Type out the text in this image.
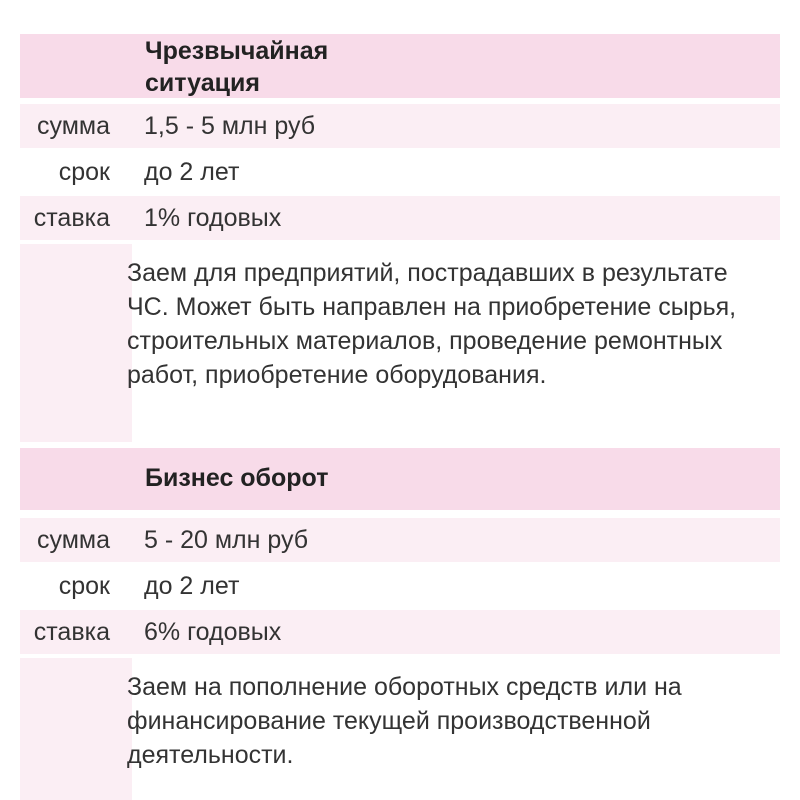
Чрезвычайная
ситуация
сумма 1,5 - 5 млн руб
срок до 2 лет
ставка 1% годовых
Заем для предприятий, пострадавших в результате ЧС. Может быть направлен на приобретение сырья, строительных материалов, проведение ремонтных работ, приобретение оборудования.
Бизнес оборот
сумма 5 - 20 млн руб
срок до 2 лет
ставка 6% годовых
Заем на пополнение оборотных средств или на финансирование текущей производственной деятельности.
